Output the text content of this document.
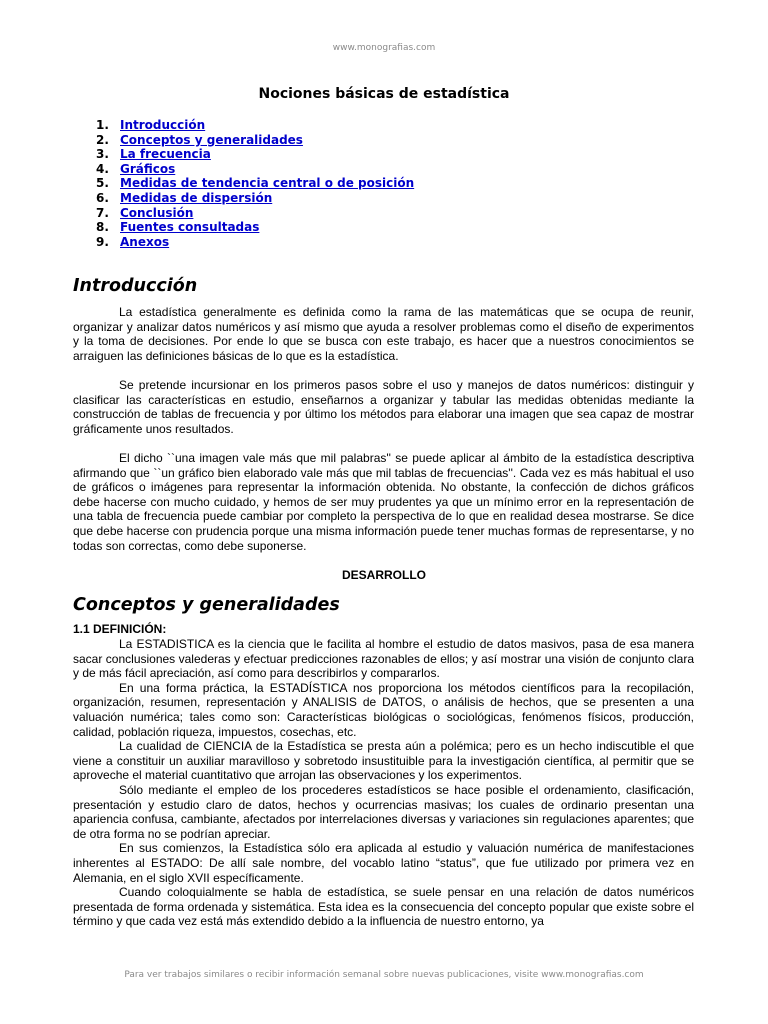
www.monografias.com
Nociones básicas de estadística
1. Introducción
2. Conceptos y generalidades
3. La frecuencia
4. Gráficos
5. Medidas de tendencia central o de posición
6. Medidas de dispersión
7. Conclusión
8. Fuentes consultadas
9. Anexos
Introducción

La estadística generalmente es definida como la rama de las matemáticas que se ocupa de reunir, organizar y analizar datos numéricos y así mismo que ayuda a resolver problemas como el diseño de experimentos y la toma de decisiones. Por ende lo que se busca con este trabajo, es hacer que a nuestros conocimientos se arraiguen las definiciones básicas de lo que es la estadística.

Se pretende incursionar en los primeros pasos sobre el uso y manejos de datos numéricos: distinguir y clasificar las características en estudio, enseñarnos a organizar y tabular las medidas obtenidas mediante la construcción de tablas de frecuencia y por último los métodos para elaborar una imagen que sea capaz de mostrar gráficamente unos resultados.

El dicho ``una imagen vale más que mil palabras'' se puede aplicar al ámbito de la estadística descriptiva afirmando que ``un gráfico bien elaborado vale más que mil tablas de frecuencias''. Cada vez es más habitual el uso de gráficos o imágenes para representar la información obtenida. No obstante, la confección de dichos gráficos debe hacerse con mucho cuidado, y hemos de ser muy prudentes ya que un mínimo error en la representación de una tabla de frecuencia puede cambiar por completo la perspectiva de lo que en realidad desea mostrarse. Se dice que debe hacerse con prudencia porque una misma información puede tener muchas formas de representarse, y no todas son correctas, como debe suponerse.

DESARROLLO
Conceptos y generalidades
1.1 DEFINICIÓN:

La ESTADISTICA es la ciencia que le facilita al hombre el estudio de datos masivos, pasa de esa manera sacar conclusiones valederas y efectuar predicciones razonables de ellos; y así mostrar una visión de conjunto clara y de más fácil apreciación, así como para describirlos y compararlos.

En una forma práctica, la ESTADÍSTICA nos proporciona los métodos científicos para la recopilación, organización, resumen, representación y ANALISIS de DATOS, o análisis de hechos, que se presenten a una valuación numérica; tales como son: Características biológicas o sociológicas, fenómenos físicos, producción, calidad, población riqueza, impuestos, cosechas, etc.

La cualidad de CIENCIA de la Estadística se presta aún a polémica; pero es un hecho indiscutible el que viene a constituir un auxiliar maravilloso y sobretodo insustituible para la investigación científica, al permitir que se aproveche el material cuantitativo que arrojan las observaciones y los experimentos.

Sólo mediante el empleo de los procederes estadísticos se hace posible el ordenamiento, clasificación, presentación y estudio claro de datos, hechos y ocurrencias masivas; los cuales de ordinario presentan una apariencia confusa, cambiante, afectados por interrelaciones diversas y variaciones sin regulaciones aparentes; que de otra forma no se podrían apreciar.

En sus comienzos, la Estadística sólo era aplicada al estudio y valuación numérica de manifestaciones inherentes al ESTADO: De allí sale nombre, del vocablo latino “status”, que fue utilizado por primera vez en Alemania, en el siglo XVII específicamente.

Cuando coloquialmente se habla de estadística, se suele pensar en una relación de datos numéricos presentada de forma ordenada y sistemática. Esta idea es la consecuencia del concepto popular que existe sobre el término y que cada vez está más extendido debido a la influencia de nuestro entorno, ya

Para ver trabajos similares o recibir información semanal sobre nuevas publicaciones, visite www.monografias.com
